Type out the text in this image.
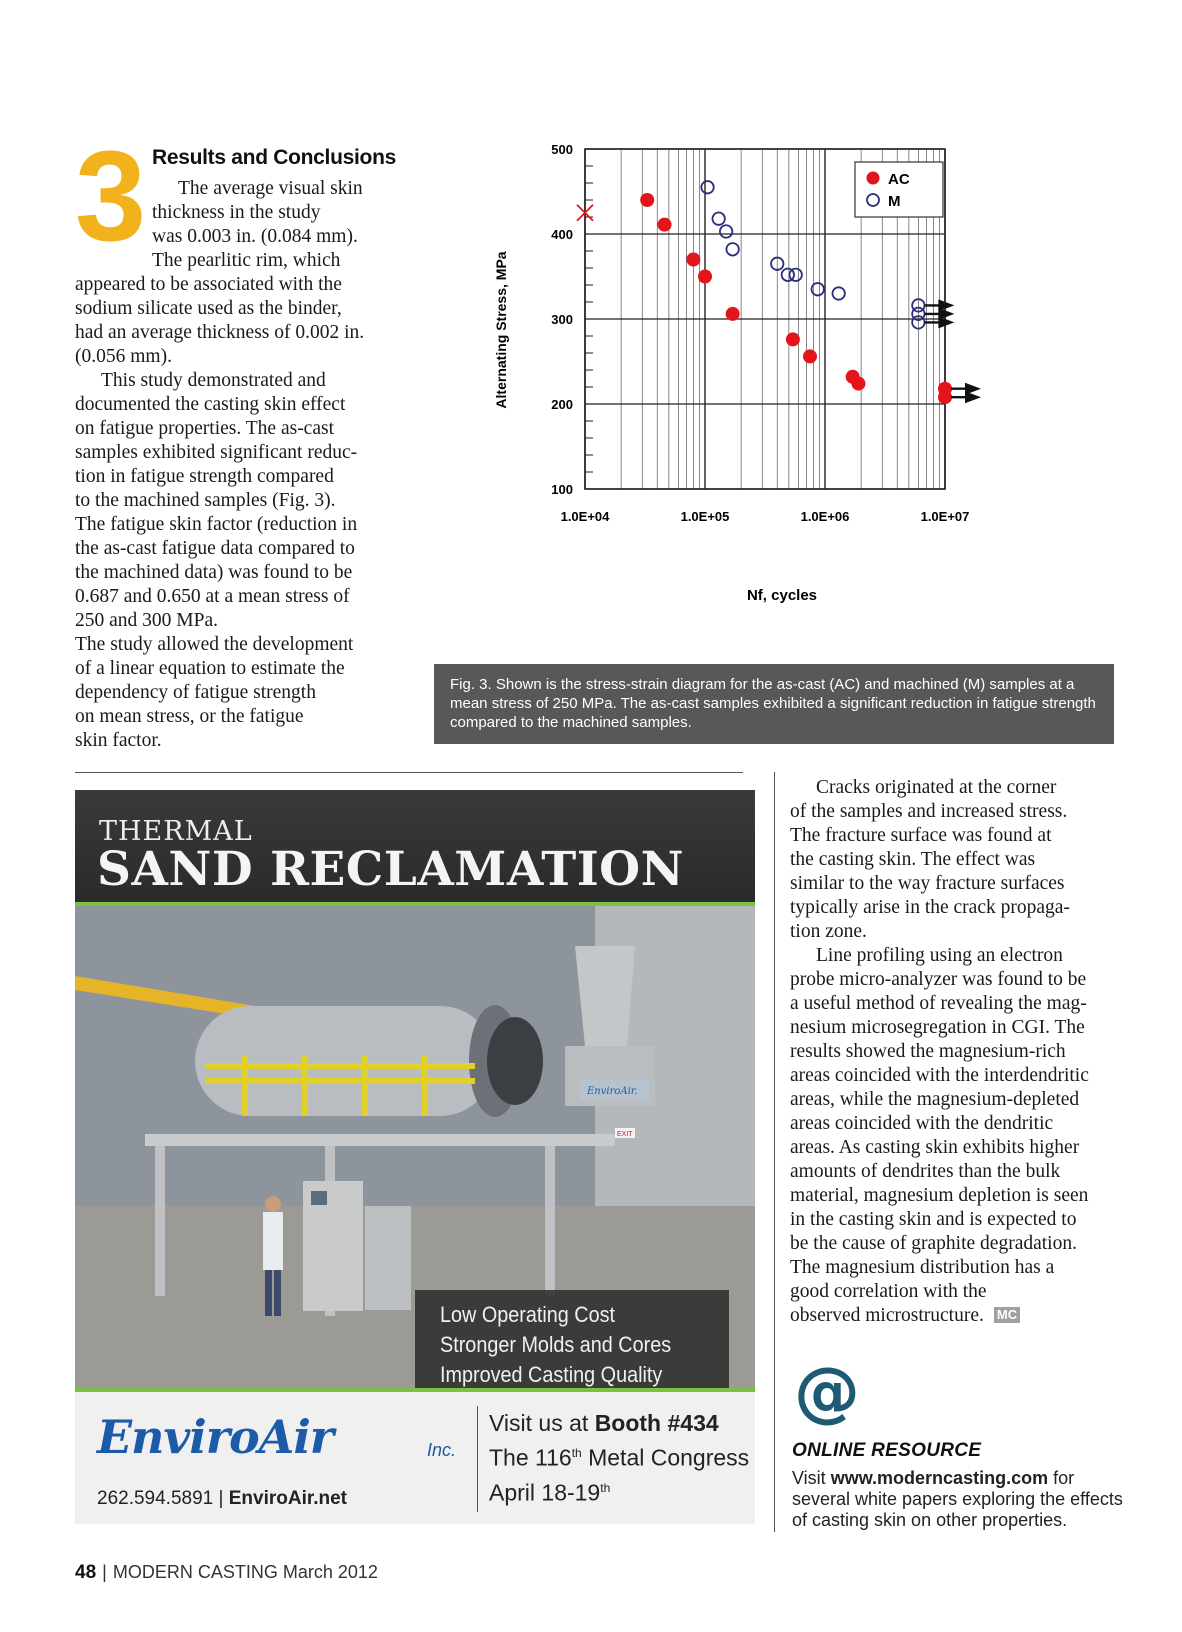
3 Results and Conclusions
The average visual skin
thickness in the study
was 0.003 in. (0.084 mm).
The pearlitic rim, which
appeared to be associated with the
sodium silicate used as the binder,
had an average thickness of 0.002 in.
(0.056 mm).
This study demonstrated and
documented the casting skin effect
on fatigue properties. The as-cast
samples exhibited significant reduc-
tion in fatigue strength compared
to the machined samples (Fig. 3).
The fatigue skin factor (reduction in
the as-cast fatigue data compared to
the machined data) was found to be
0.687 and 0.650 at a mean stress of
250 and 300 MPa.
The study allowed the development
of a linear equation to estimate the
dependency of fatigue strength
on mean stress, or the fatigue
skin factor.
100
200
300
400
500
1.0E+04	1.0E+05	1.0E+06	1.0E+07
Nf, cycles
Alternating Stress, MPa
AC
M
Fig. 3. Shown is the stress-strain diagram for the as-cast (AC) and machined (M) samples at a
mean stress of 250 MPa. The as-cast samples exhibited a significant reduction in fatigue strength
compared to the machined samples.
THERMAL
SAND RECLAMATION
EnviroAir.
EXIT
Low Operating Cost
Stronger Molds and Cores
Improved Casting Quality
EnviroAir	Inc.
262.594.5891 | EnviroAir.net
Visit us at Booth #434
The 116th Metal Congress
April 18-19th
Cracks originated at the corner
of the samples and increased stress.
The fracture surface was found at
the casting skin. The effect was
similar to the way fracture surfaces
typically arise in the crack propaga-
tion zone.
Line profiling using an electron
probe micro-analyzer was found to be
a useful method of revealing the mag-
nesium microsegregation in CGI. The
results showed the magnesium-rich
areas coincided with the interdendritic
areas, while the magnesium-depleted
areas coincided with the dendritic
areas. As casting skin exhibits higher
amounts of dendrites than the bulk
material, magnesium depletion is seen
in the casting skin and is expected to
be the cause of graphite degradation.
The magnesium distribution has a
good correlation with the
observed microstructure. MC
@
ONLINE RESOURCE
Visit www.moderncasting.com for
several white papers exploring the effects
of casting skin on other properties.
48 | MODERN CASTING March 2012
